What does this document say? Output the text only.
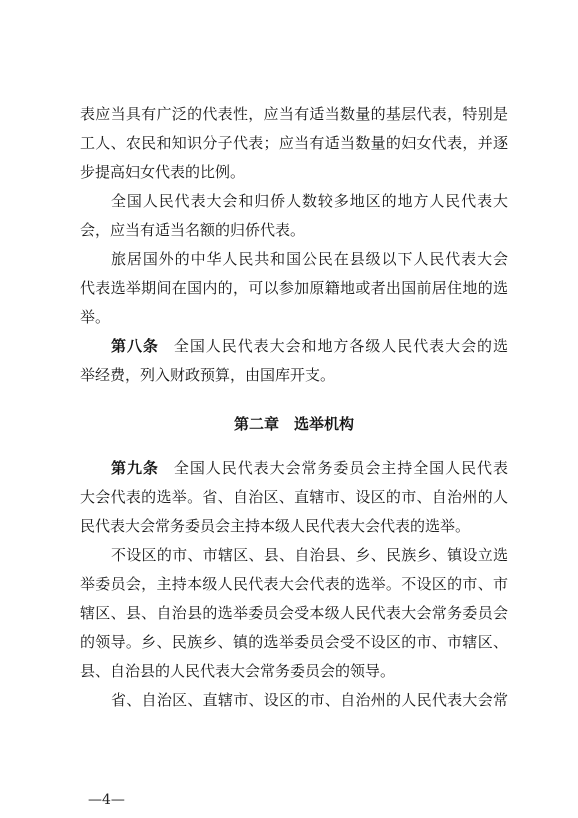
表应当具有广泛的代表性，应当有适当数量的基层代表，特别是
工人、农民和知识分子代表；应当有适当数量的妇女代表，并逐
步提高妇女代表的比例。
全国人民代表大会和归侨人数较多地区的地方人民代表大
会，应当有适当名额的归侨代表。
旅居国外的中华人民共和国公民在县级以下人民代表大会
代表选举期间在国内的，可以参加原籍地或者出国前居住地的选
举。
第八条 全国人民代表大会和地方各级人民代表大会的选
举经费，列入财政预算，由国库开支。
第二章　选举机构
第九条 全国人民代表大会常务委员会主持全国人民代表
大会代表的选举。省、自治区、直辖市、设区的市、自治州的人
民代表大会常务委员会主持本级人民代表大会代表的选举。
不设区的市、市辖区、县、自治县、乡、民族乡、镇设立选
举委员会，主持本级人民代表大会代表的选举。不设区的市、市
辖区、县、自治县的选举委员会受本级人民代表大会常务委员会
的领导。乡、民族乡、镇的选举委员会受不设区的市、市辖区、
县、自治县的人民代表大会常务委员会的领导。
省、自治区、直辖市、设区的市、自治州的人民代表大会常
—4—
